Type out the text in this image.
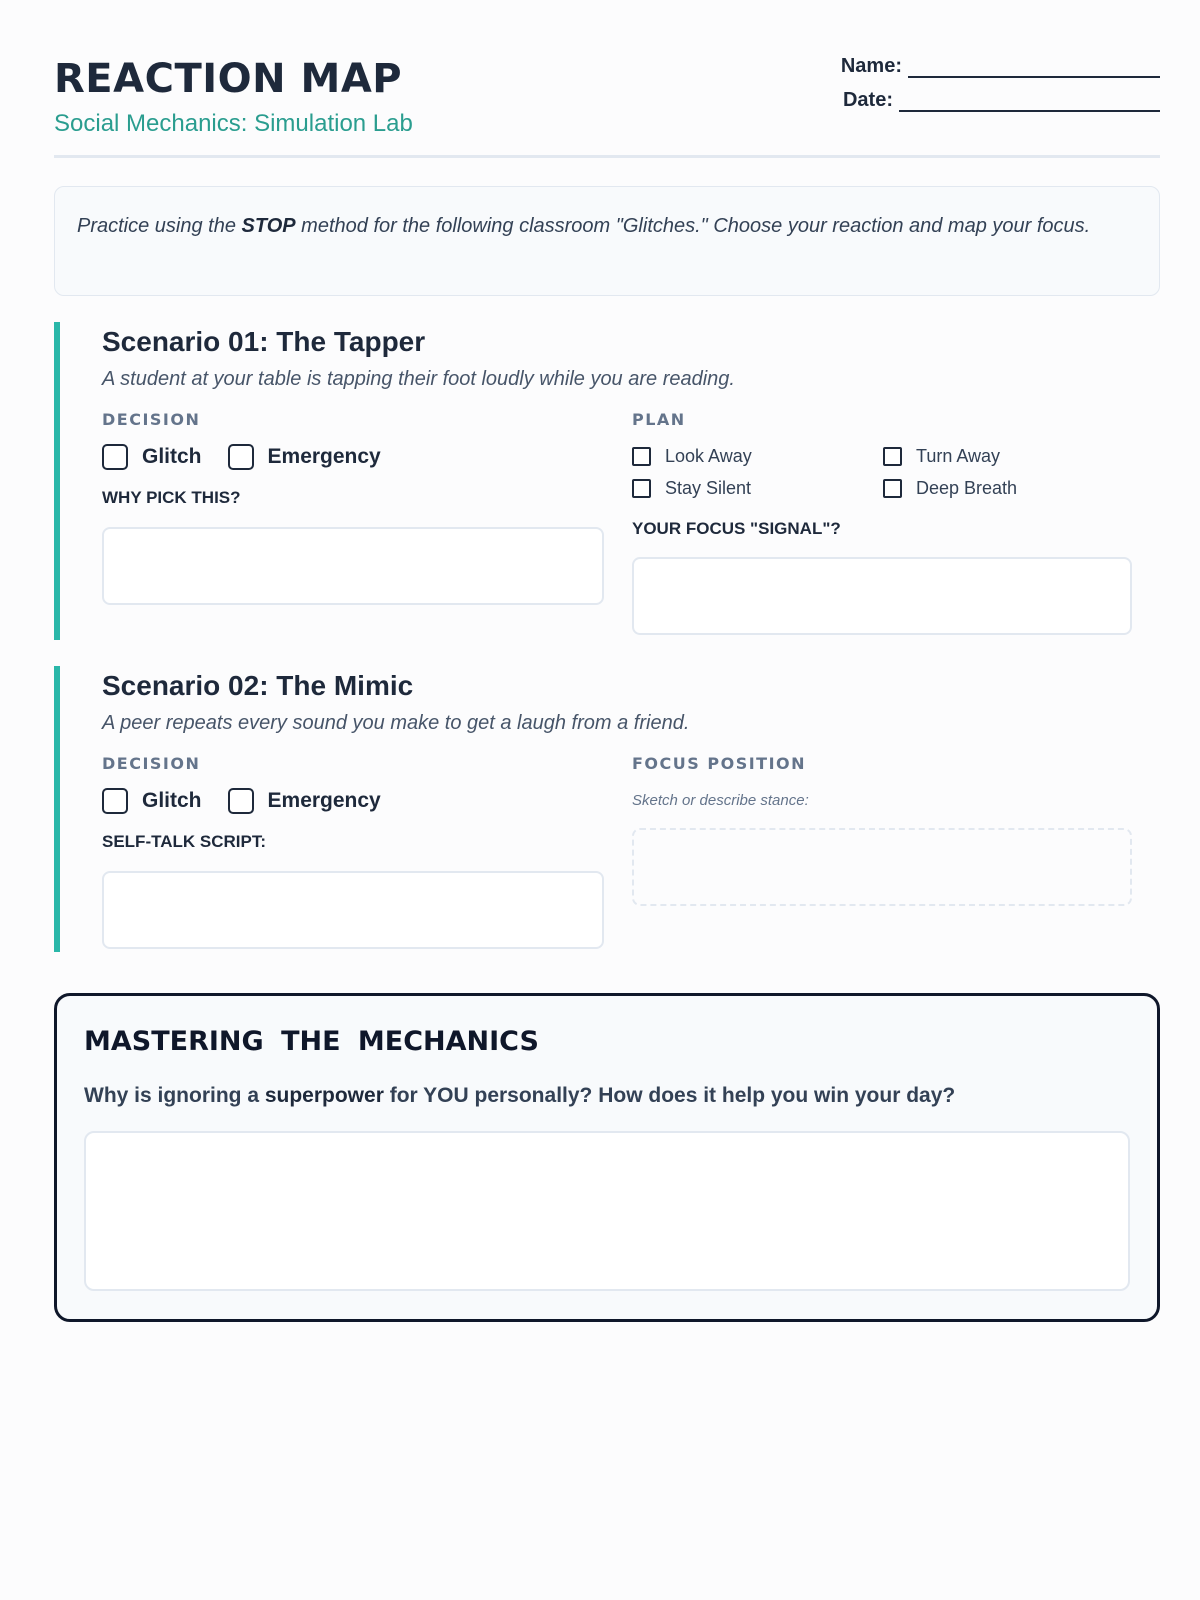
REACTION MAP
Social Mechanics: Simulation Lab
Name:
Date:
Practice using the STOP method for the following classroom "Glitches." Choose your reaction and map your focus.
Scenario 01: The Tapper
A student at your table is tapping their foot loudly while you are reading.
DECISION
Glitch	Emergency
WHY PICK THIS?
PLAN
Look Away	Turn Away
Stay Silent	Deep Breath
YOUR FOCUS "SIGNAL"?
Scenario 02: The Mimic
A peer repeats every sound you make to get a laugh from a friend.
DECISION
Glitch	Emergency
SELF-TALK SCRIPT:
FOCUS POSITION
Sketch or describe stance:
MASTERING THE MECHANICS
Why is ignoring a superpower for YOU personally? How does it help you win your day?
